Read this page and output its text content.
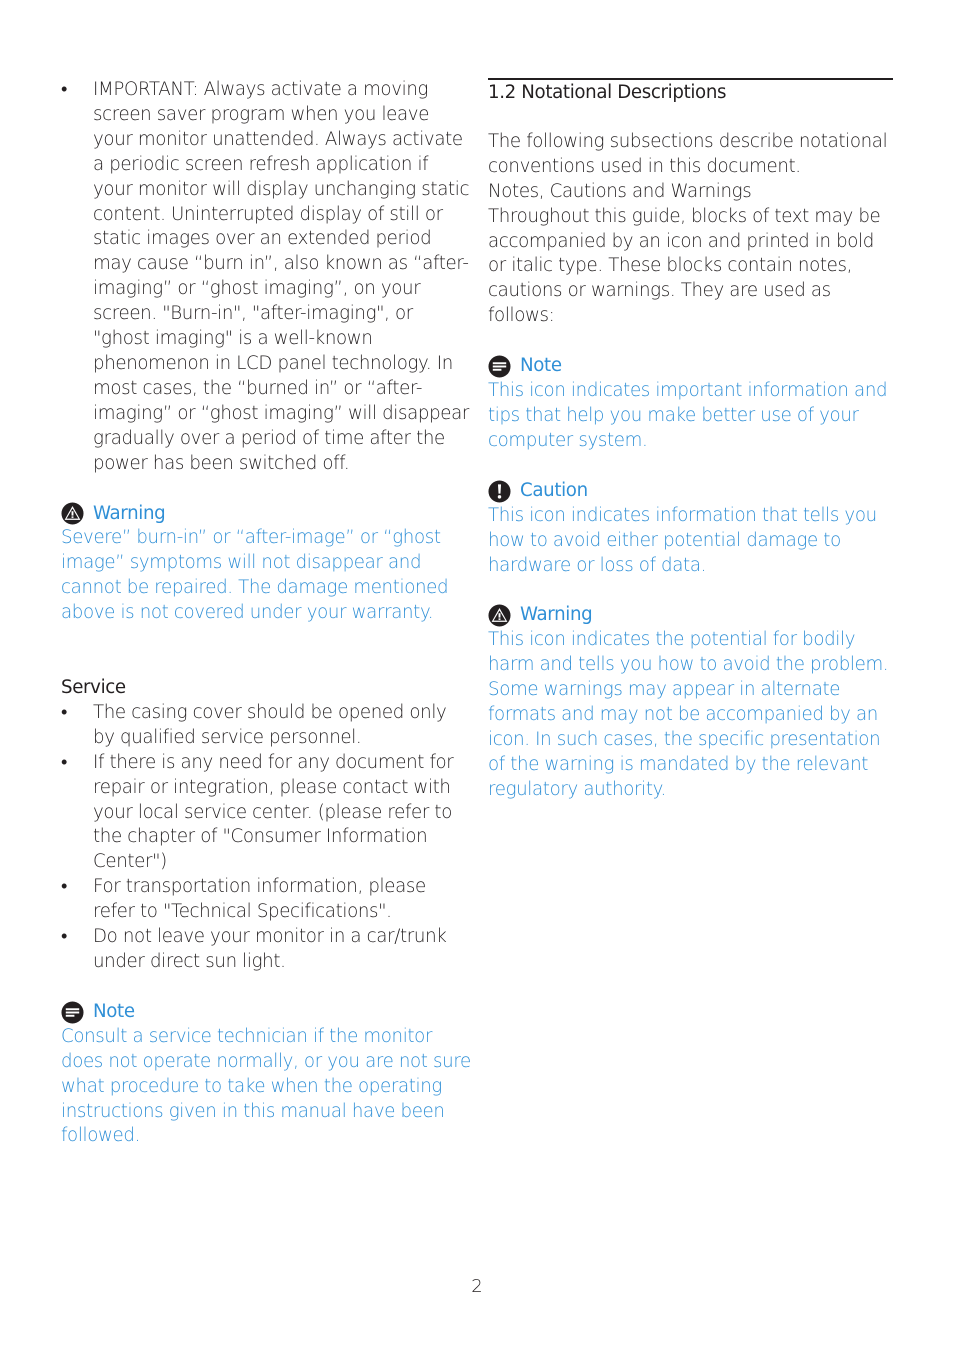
• IMPORTANT: Always activate a moving screen saver program when you leave your monitor unattended. Always activate a periodic screen refresh application if your monitor will display unchanging static content. Uninterrupted display of still or static images over an extended period may cause “burn in”, also known as “after-imaging” or “ghost imaging”, on your screen. "Burn-in", "after-imaging", or "ghost imaging" is a well-known phenomenon in LCD panel technology. In most cases, the “burned in” or “after-imaging” or “ghost imaging” will disappear gradually over a period of time after the power has been switched off.
Warning

Severe” burn-in” or “after-image” or “ghost image” symptoms will not disappear and cannot be repaired. The damage mentioned above is not covered under your warranty.

Service

• The casing cover should be opened only by qualified service personnel.
• If there is any need for any document for repair or integration, please contact with your local service center. (please refer to the chapter of "Consumer Information Center")
• For transportation information, please refer to "Technical Specifications".
• Do not leave your monitor in a car/trunk under direct sun light.
Note

Consult a service technician if the monitor does not operate normally, or you are not sure what procedure to take when the operating instructions given in this manual have been followed.

1.2 Notational Descriptions

The following subsections describe notational conventions used in this document.

Notes, Cautions and Warnings

Throughout this guide, blocks of text may be accompanied by an icon and printed in bold or italic type. These blocks contain notes, cautions or warnings. They are used as follows:

Note

This icon indicates important information and tips that help you make better use of your computer system.

Caution

This icon indicates information that tells you how to avoid either potential damage to hardware or loss of data.

Warning

This icon indicates the potential for bodily harm and tells you how to avoid the problem.

Some warnings may appear in alternate formats and may not be accompanied by an icon. In such cases, the specific presentation of the warning is mandated by the relevant regulatory authority.

2
